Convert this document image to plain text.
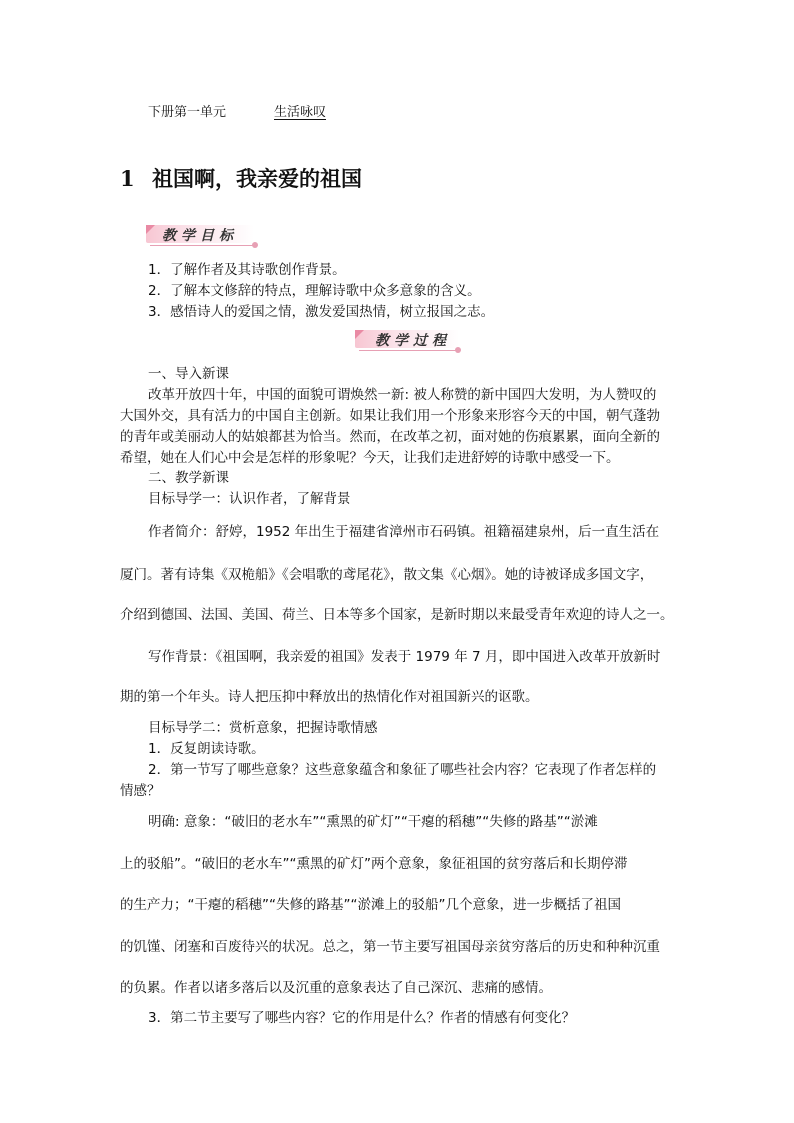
下册第一单元	生活咏叹
1 祖国啊，我亲爱的祖国
教学目标
1．了解作者及其诗歌创作背景。
2．了解本文修辞的特点，理解诗歌中众多意象的含义。
3．感悟诗人的爱国之情，激发爱国热情，树立报国之志。
教学过程
一、导入新课
改革开放四十年，中国的面貌可谓焕然一新: 被人称赞的新中国四大发明，为人赞叹的
大国外交，具有活力的中国自主创新。如果让我们用一个形象来形容今天的中国，朝气蓬勃
的青年或美丽动人的姑娘都甚为恰当。然而，在改革之初，面对她的伤痕累累，面向全新的
希望，她在人们心中会是怎样的形象呢？今天，让我们走进舒婷的诗歌中感受一下。
二、教学新课
目标导学一：认识作者，了解背景
作者简介：舒婷，1952 年出生于福建省漳州市石码镇。祖籍福建泉州，后一直生活在
厦门。著有诗集《双桅船》《会唱歌的鸢尾花》，散文集《心烟》。她的诗被译成多国文字，
介绍到德国、法国、美国、荷兰、日本等多个国家，是新时期以来最受青年欢迎的诗人之一。
写作背景：《祖国啊，我亲爱的祖国》发表于 1979 年 7 月，即中国进入改革开放新时
期的第一个年头。诗人把压抑中释放出的热情化作对祖国新兴的讴歌。
目标导学二：赏析意象，把握诗歌情感
1．反复朗读诗歌。
2．第一节写了哪些意象？这些意象蕴含和象征了哪些社会内容？它表现了作者怎样的
情感？
明确: 意象：“破旧的老水车”“熏黑的矿灯”“干瘪的稻穗”“失修的路基”“淤滩
上的驳船”。“破旧的老水车”“熏黑的矿灯”两个意象，象征祖国的贫穷落后和长期停滞
的生产力；“干瘪的稻穗”“失修的路基”“淤滩上的驳船”几个意象，进一步概括了祖国
的饥馑、闭塞和百废待兴的状况。总之，第一节主要写祖国母亲贫穷落后的历史和种种沉重
的负累。作者以诸多落后以及沉重的意象表达了自己深沉、悲痛的感情。
3．第二节主要写了哪些内容？它的作用是什么？作者的情感有何变化？
